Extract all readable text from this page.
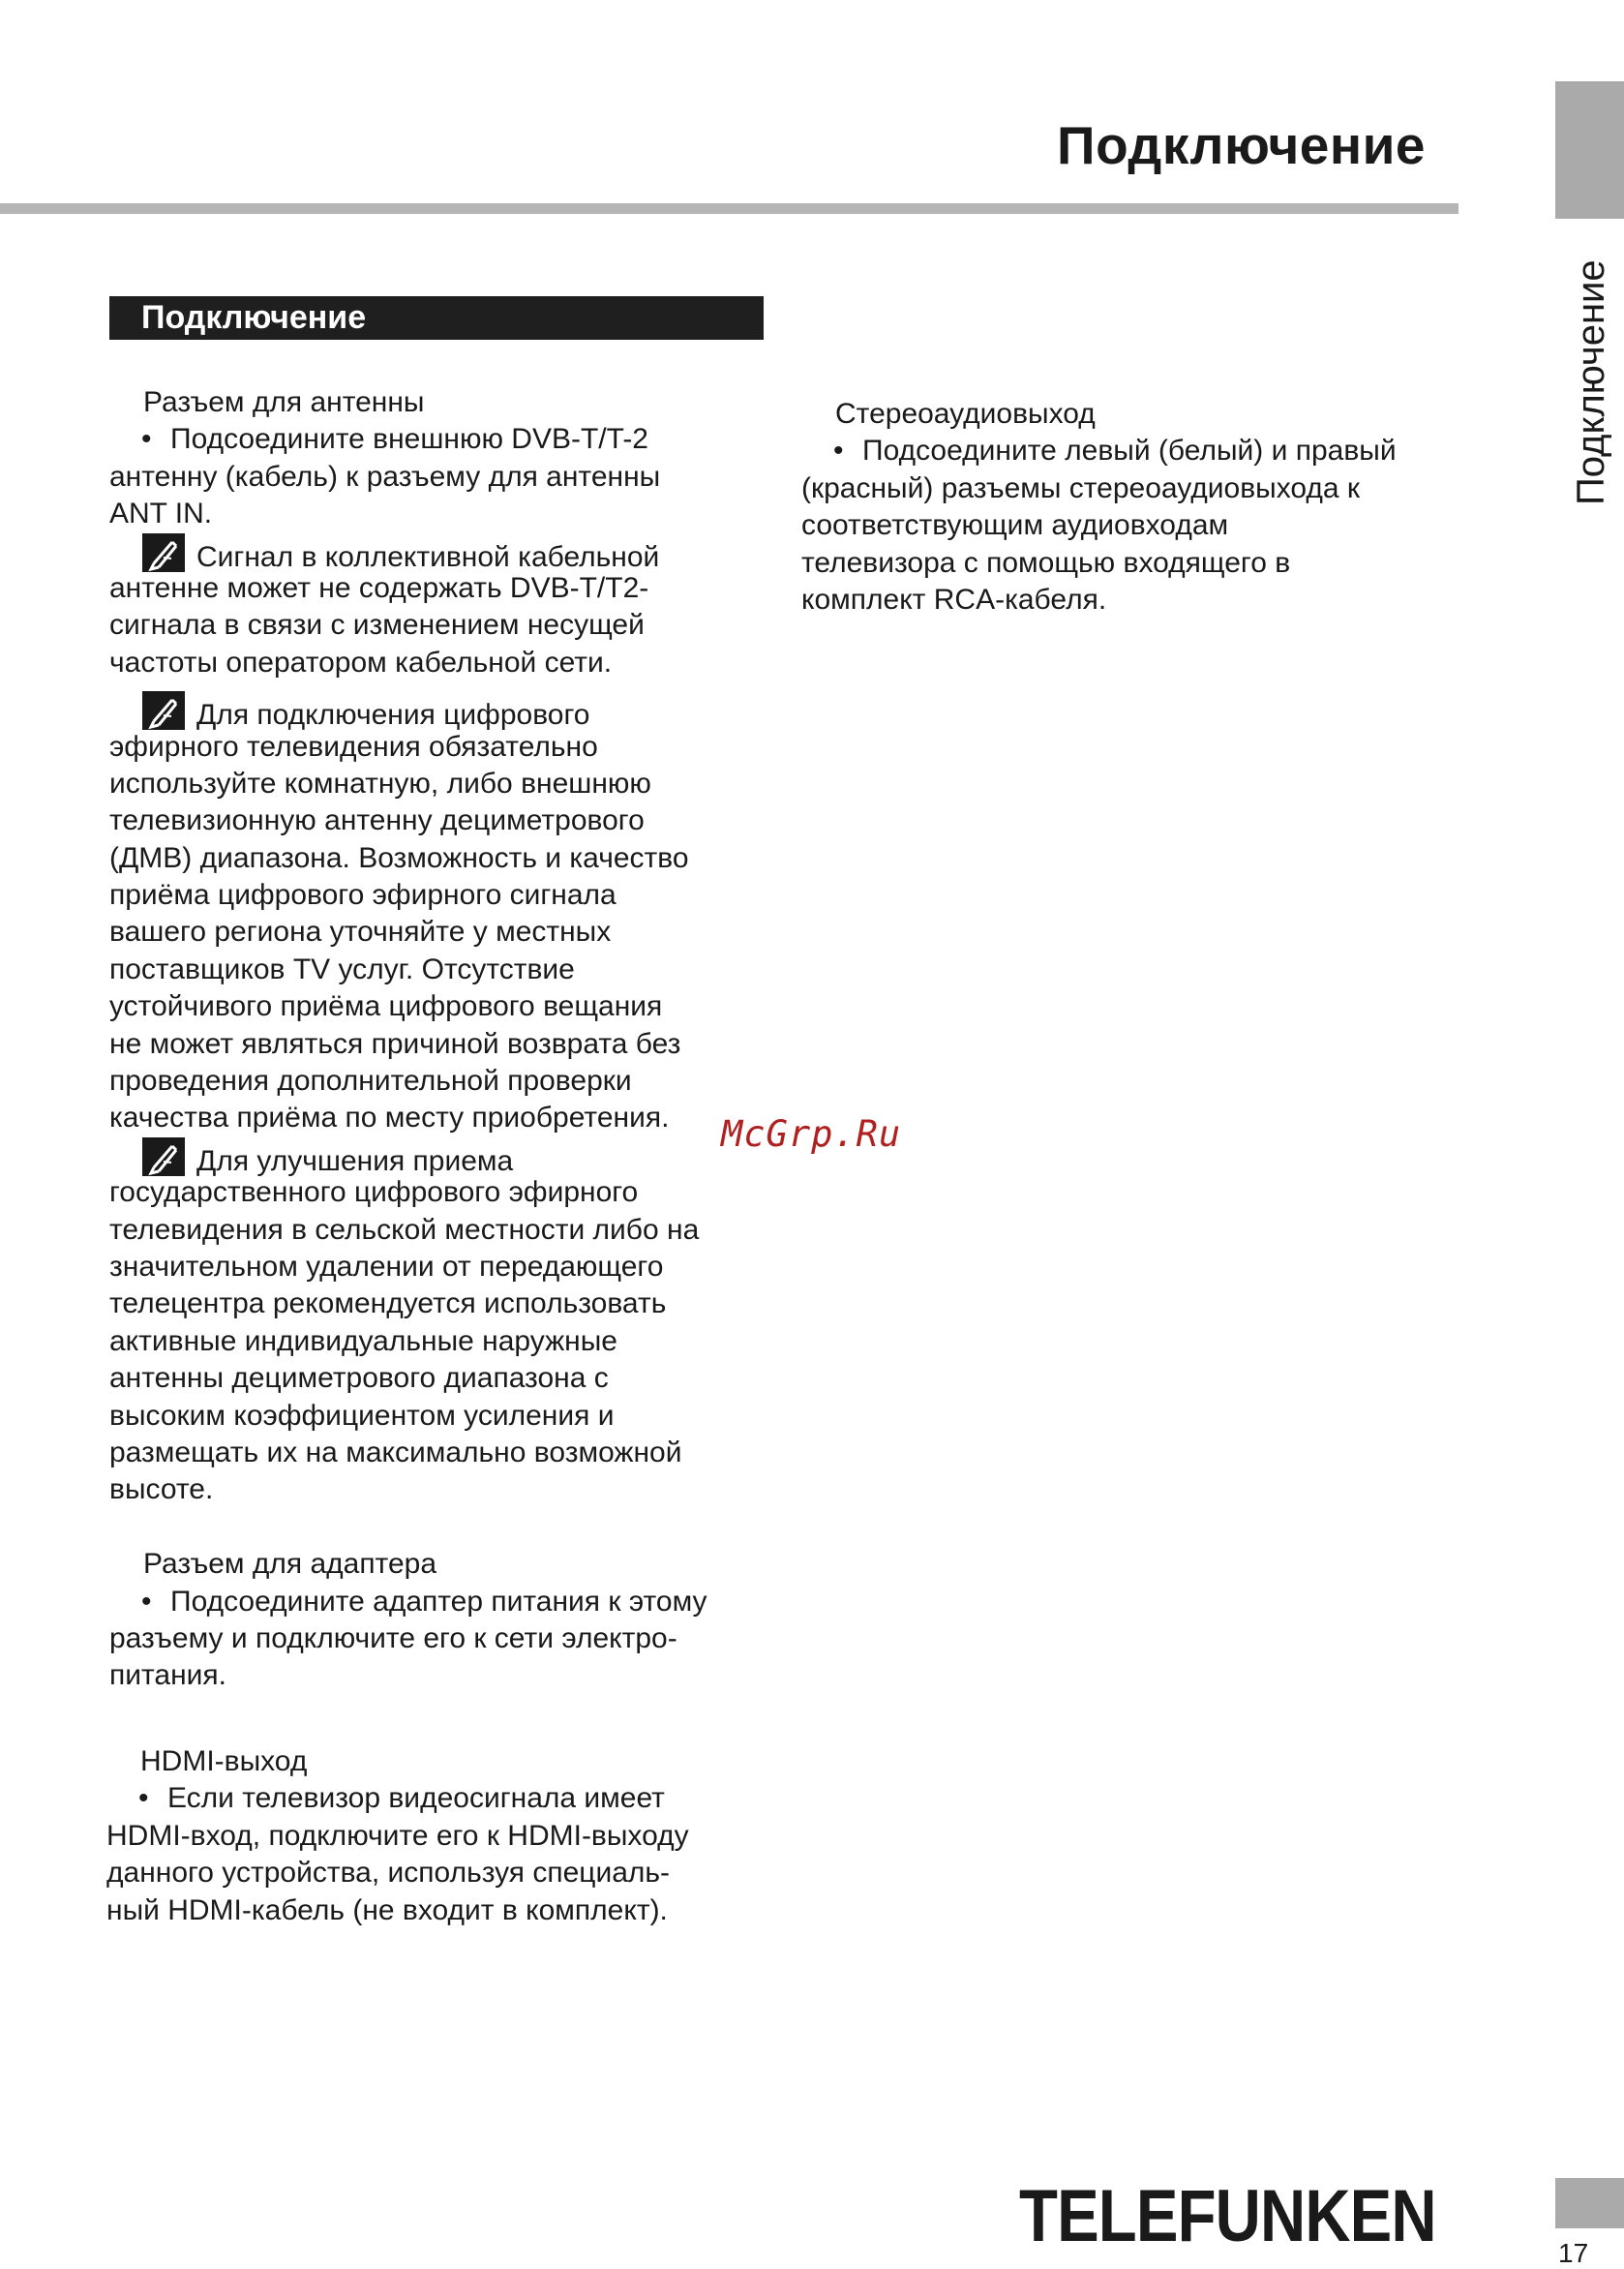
Подключение
Подключение
Подключение
Разъем для антенны
• Подсоедините внешнюю DVB-T/T-2
антенну (кабель) к разъему для антенны
ANT IN.
Сигнал в коллективной кабельной
антенне может не содержать DVB-T/T2-
сигнала в связи с изменением несущей
частоты оператором кабельной сети.
Для подключения цифрового
эфирного телевидения обязательно
используйте комнатную, либо внешнюю
телевизионную антенну дециметрового
(ДМВ) диапазона. Возможность и качество
приёма цифрового эфирного сигнала
вашего региона уточняйте у местных
поставщиков TV услуг. Отсутствие
устойчивого приёма цифрового вещания
не может являться причиной возврата без
проведения дополнительной проверки
качества приёма по месту приобретения.
Для улучшения приема
государственного цифрового эфирного
телевидения в сельской местности либо на
значительном удалении от передающего
телецентра рекомендуется использовать
активные индивидуальные наружные
антенны дециметрового диапазона с
высоким коэффициентом усиления и
размещать их на максимально возможной
высоте.
Разъем для адаптера
• Подсоедините адаптер питания к этому
разъему и подключите его к сети электро-
питания.
HDMI-выход
• Если телевизор видеосигнала имеет
HDMI-вход, подключите его к HDMI-выходу
данного устройства, используя специаль-
ный HDMI-кабель (не входит в комплект).
Стереоаудиовыход
• Подсоедините левый (белый) и правый
(красный) разъемы стереоаудиовыхода к
соответствующим аудиовходам
телевизора с помощью входящего в
комплект RCA-кабеля.
McGrp.Ru
TELEFUNKEN	17
